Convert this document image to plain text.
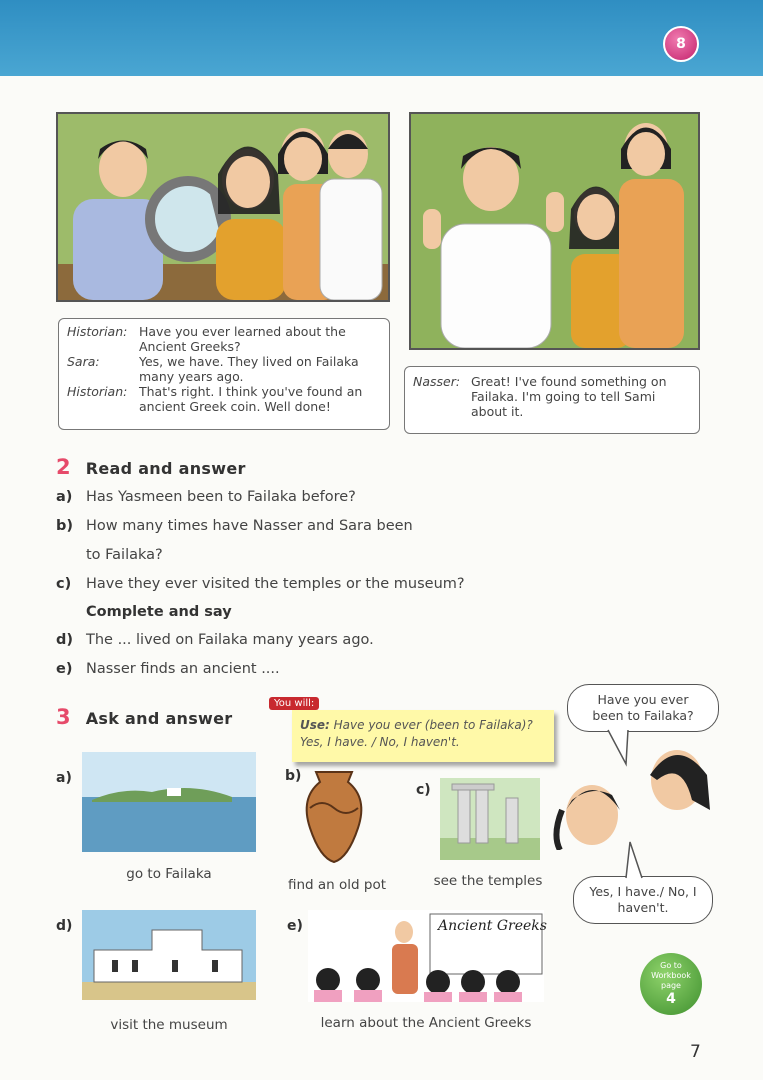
8
Historian: Have you ever learned about the Ancient Greeks?
Sara:	Yes, we have. They lived on Failaka many years ago.
Historian: That's right. I think you've found an ancient Greek coin. Well done!
Nasser: Great! I've found something on Failaka. I'm going to tell Sami about it.
2 Read and answer
a) Has Yasmeen been to Failaka before?
b) How many times have Nasser and Sara been
to Failaka?
c) Have they ever visited the temples or the museum?
Complete and say
d) The ... lived on Failaka many years ago.
e) Nasser finds an ancient ....
3 Ask and answer	Use: Have you ever (been to Failaka)?
Yes, I have. / No, I haven't.
You will:	Have you ever been to Failaka?
Yes, I have./ No, I haven't.
a)
go to Failaka
b)
find an old pot
c)
see the temples
d)
visit the museum
e)	Ancient Greeks
learn about the Ancient Greeks
Go to
Workbook
page
4
7
